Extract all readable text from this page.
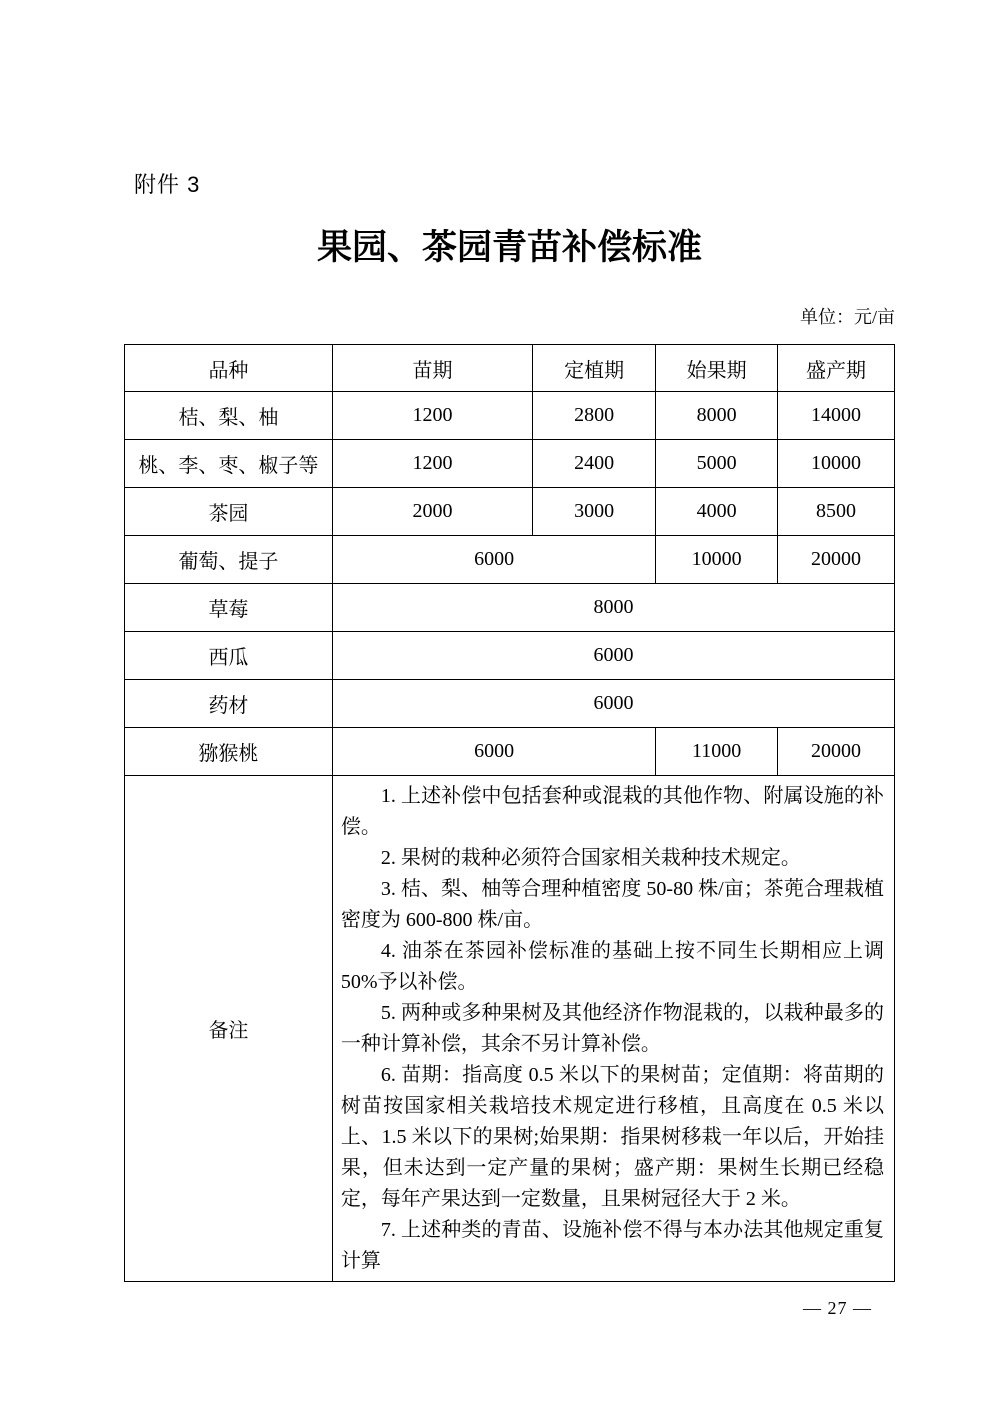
附件 3
果园、茶园青苗补偿标准
单位：元/亩
品种	苗期	定植期	始果期	盛产期
桔、梨、柚	1200	2800	8000	14000
桃、李、枣、椒子等	1200	2400	5000	10000
茶园	2000	3000	4000	8500
葡萄、提子	6000		10000	20000
草莓	8000			
西瓜	6000			
药材	6000			
猕猴桃	6000		11000	20000
备注	

1. 上述补偿中包括套种或混栽的其他作物、附属设施的补偿。

2. 果树的栽种必须符合国家相关栽种技术规定。

3. 桔、梨、柚等合理种植密度 50-80 株/亩；茶蔸合理栽植密度为 600-800 株/亩。

4. 油茶在茶园补偿标准的基础上按不同生长期相应上调50%予以补偿。

5. 两种或多种果树及其他经济作物混栽的，以栽种最多的一种计算补偿，其余不另计算补偿。

6. 苗期：指高度 0.5 米以下的果树苗；定值期：将苗期的树苗按国家相关栽培技术规定进行移植，且高度在 0.5 米以上、1.5 米以下的果树;始果期：指果树移栽一年以后，开始挂果，但未达到一定产量的果树；盛产期：果树生长期已经稳定，每年产果达到一定数量，且果树冠径大于 2 米。

7. 上述种类的青苗、设施补偿不得与本办法其他规定重复计算

— 27 —
